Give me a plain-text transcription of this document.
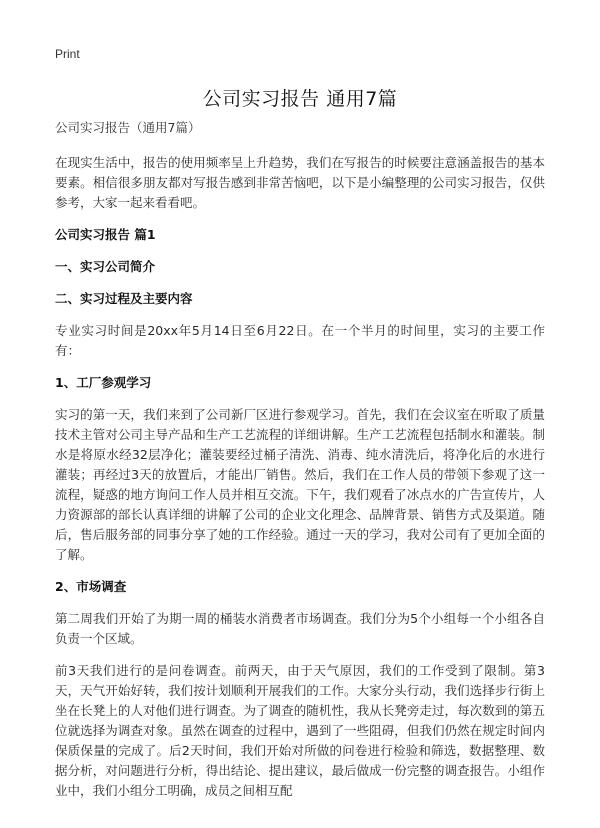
Print
公司实习报告 通用7篇

公司实习报告（通用7篇）

在现实生活中，报告的使用频率呈上升趋势，我们在写报告的时候要注意涵盖报告的基本要素。相信很多朋友都对写报告感到非常苦恼吧，以下是小编整理的公司实习报告，仅供参考，大家一起来看看吧。

公司实习报告 篇1

一、实习公司简介

二、实习过程及主要内容

专业实习时间是20xx年5月14日至6月22日。在一个半月的时间里，实习的主要工作有：

1、工厂参观学习

实习的第一天，我们来到了公司新厂区进行参观学习。首先，我们在会议室在听取了质量技术主管对公司主导产品和生产工艺流程的详细讲解。生产工艺流程包括制水和灌装。制水是将原水经32层净化；灌装要经过桶子清洗、消毒、纯水清洗后，将净化后的水进行灌装；再经过3天的放置后，才能出厂销售。然后，我们在工作人员的带领下参观了这一流程，疑惑的地方询问工作人员并相互交流。下午，我们观看了冰点水的广告宣传片，人力资源部的部长认真详细的讲解了公司的企业文化理念、品牌背景、销售方式及渠道。随后，售后服务部的同事分享了她的工作经验。通过一天的学习，我对公司有了更加全面的了解。

2、市场调查

第二周我们开始了为期一周的桶装水消费者市场调查。我们分为5个小组每一个小组各自负责一个区域。

前3天我们进行的是问卷调查。前两天，由于天气原因，我们的工作受到了限制。第3天，天气开始好转，我们按计划顺利开展我们的工作。大家分头行动，我们选择步行街上坐在长凳上的人对他们进行调查。为了调查的随机性，我从长凳旁走过，每次数到的第五位就选择为调查对象。虽然在调查的过程中，遇到了一些阻碍，但我们仍然在规定时间内保质保量的完成了。后2天时间，我们开始对所做的问卷进行检验和筛选，数据整理、数据分析，对问题进行分析，得出结论、提出建议，最后做成一份完整的调查报告。小组作业中，我们小组分工明确，成员之间相互配
